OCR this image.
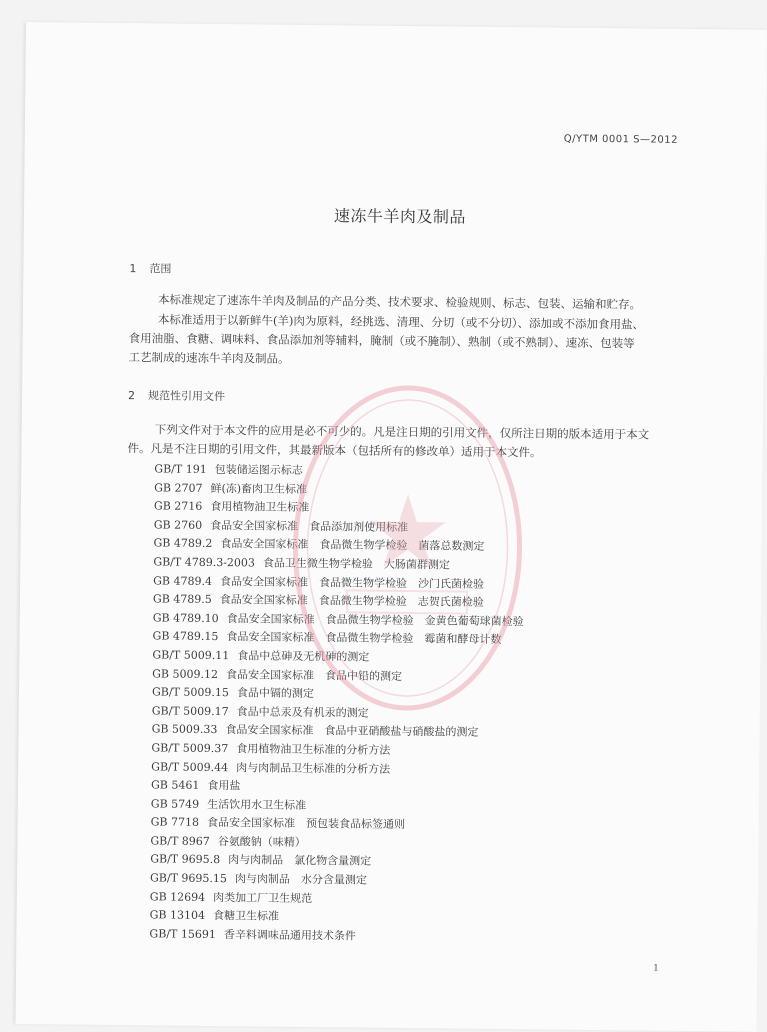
Q/YTM 0001 S—2012
速冻牛羊肉及制品
1 范围
本标准规定了速冻牛羊肉及制品的产品分类、技术要求、检验规则、标志、包装、运输和贮存。
本标准适用于以新鲜牛(羊)肉为原料，经挑选、清理、分切（或不分切）、添加或不添加食用盐、
食用油脂、食糖、调味料、食品添加剂等辅料，腌制（或不腌制）、熟制（或不熟制）、速冻、包装等
工艺制成的速冻牛羊肉及制品。
2 规范性引用文件
下列文件对于本文件的应用是必不可少的。凡是注日期的引用文件，仅所注日期的版本适用于本文
件。凡是不注日期的引用文件，其最新版本（包括所有的修改单）适用于本文件。
GB/T 191 包装储运图示标志
GB 2707 鲜(冻)畜肉卫生标准
GB 2716 食用植物油卫生标准
GB 2760 食品安全国家标准　食品添加剂使用标准
GB 4789.2 食品安全国家标准　食品微生物学检验　菌落总数测定
GB/T 4789.3-2003 食品卫生微生物学检验　大肠菌群测定
GB 4789.4 食品安全国家标准　食品微生物学检验　沙门氏菌检验
GB 4789.5 食品安全国家标准　食品微生物学检验　志贺氏菌检验
GB 4789.10 食品安全国家标准　食品微生物学检验　金黄色葡萄球菌检验
GB 4789.15 食品安全国家标准　食品微生物学检验　霉菌和酵母计数
GB/T 5009.11 食品中总砷及无机砷的测定
GB 5009.12 食品安全国家标准　食品中铅的测定
GB/T 5009.15 食品中镉的测定
GB/T 5009.17 食品中总汞及有机汞的测定
GB 5009.33 食品安全国家标准　食品中亚硝酸盐与硝酸盐的测定
GB/T 5009.37 食用植物油卫生标准的分析方法
GB/T 5009.44 肉与肉制品卫生标准的分析方法
GB 5461 食用盐
GB 5749 生活饮用水卫生标准
GB 7718 食品安全国家标准　预包装食品标签通则
GB/T 8967 谷氨酸钠（味精）
GB/T 9695.8 肉与肉制品　氯化物含量测定
GB/T 9695.15 肉与肉制品　水分含量测定
GB 12694 肉类加工厂卫生规范
GB 13104 食糖卫生标准
GB/T 15691 香辛料调味品通用技术条件
1
